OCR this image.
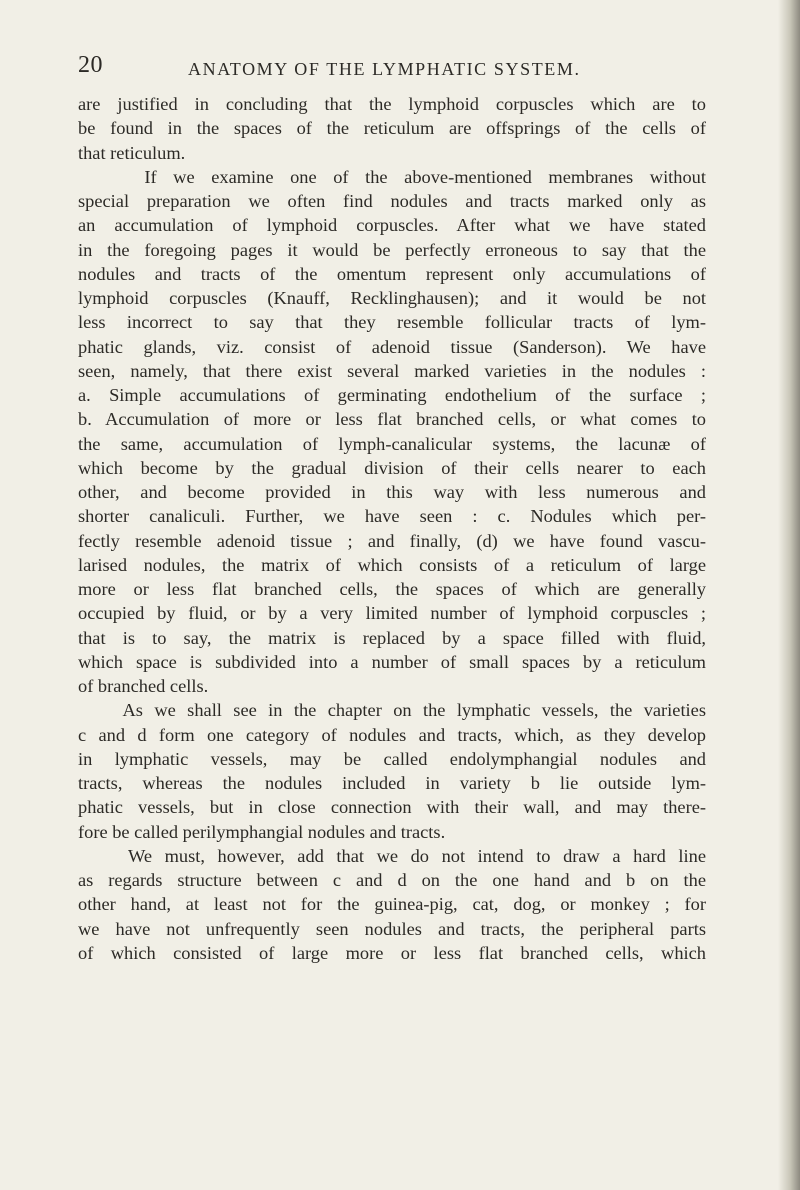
20	ANATOMY OF THE LYMPHATIC SYSTEM.
are justified in concluding that the lymphoid corpuscles which are to
be found in the spaces of the reticulum are offsprings of the cells of
that reticulum.
If we examine one of the above-mentioned membranes without
special preparation we often find nodules and tracts marked only as
an accumulation of lymphoid corpuscles. After what we have stated
in the foregoing pages it would be perfectly erroneous to say that the
nodules and tracts of the omentum represent only accumulations of
lymphoid corpuscles (Knauff, Recklinghausen); and it would be not
less incorrect to say that they resemble follicular tracts of lym-
phatic glands, viz. consist of adenoid tissue (Sanderson). We have
seen, namely, that there exist several marked varieties in the nodules :
a. Simple accumulations of germinating endothelium of the surface ;
b. Accumulation of more or less flat branched cells, or what comes to
the same, accumulation of lymph-canalicular systems, the lacunæ of
which become by the gradual division of their cells nearer to each
other, and become provided in this way with less numerous and
shorter canaliculi. Further, we have seen : c. Nodules which per-
fectly resemble adenoid tissue ; and finally, (d) we have found vascu-
larised nodules, the matrix of which consists of a reticulum of large
more or less flat branched cells, the spaces of which are generally
occupied by fluid, or by a very limited number of lymphoid corpuscles ;
that is to say, the matrix is replaced by a space filled with fluid,
which space is subdivided into a number of small spaces by a reticulum
of branched cells.
As we shall see in the chapter on the lymphatic vessels, the varieties
c and d form one category of nodules and tracts, which, as they develop
in lymphatic vessels, may be called endolymphangial nodules and
tracts, whereas the nodules included in variety b lie outside lym-
phatic vessels, but in close connection with their wall, and may there-
fore be called perilymphangial nodules and tracts.
We must, however, add that we do not intend to draw a hard line
as regards structure between c and d on the one hand and b on the
other hand, at least not for the guinea-pig, cat, dog, or monkey ; for
we have not unfrequently seen nodules and tracts, the peripheral parts
of which consisted of large more or less flat branched cells, which
